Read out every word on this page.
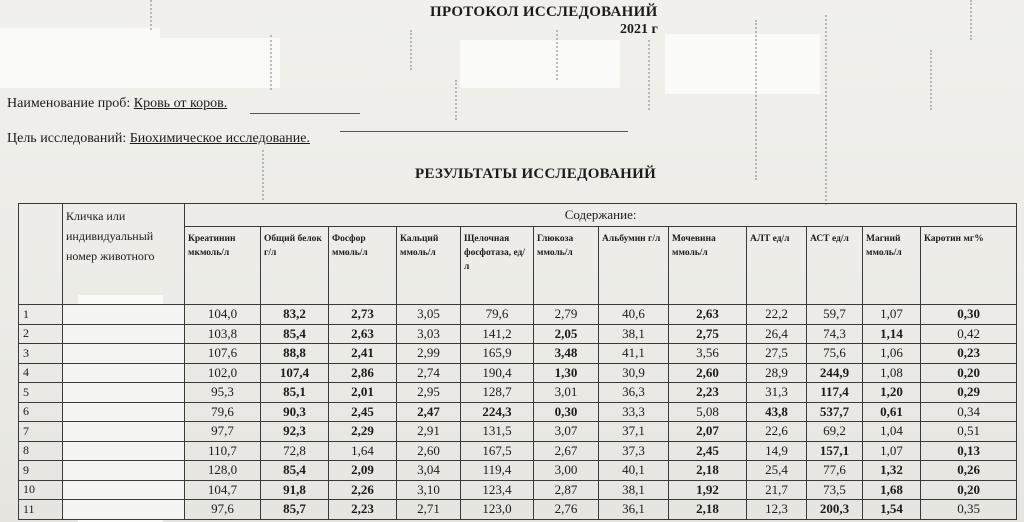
ПРОТОКОЛ ИССЛЕДОВАНИЙ
2021 г
Наименование проб: Кровь от коров.
Цель исследований: Биохимическое исследование.
РЕЗУЛЬТАТЫ ИССЛЕДОВАНИЙ
	Кличка или индивидуальный номер животного	Содержание:											
		Креатинин мкмоль/л	Общий белок г/л	Фосфор ммоль/л	Кальций ммоль/л	Щелочная фосфотаза, ед/л	Глюкоза ммоль/л	Альбумин г/л	Мочевина ммоль/л	АЛТ ед/л	АСТ ед/л	Магний ммоль/л	Каротин мг%
1		104,0	83,2	2,73	3,05	79,6	2,79	40,6	2,63	22,2	59,7	1,07	0,30
2		103,8	85,4	2,63	3,03	141,2	2,05	38,1	2,75	26,4	74,3	1,14	0,42
3		107,6	88,8	2,41	2,99	165,9	3,48	41,1	3,56	27,5	75,6	1,06	0,23
4		102,0	107,4	2,86	2,74	190,4	1,30	30,9	2,60	28,9	244,9	1,08	0,20
5		95,3	85,1	2,01	2,95	128,7	3,01	36,3	2,23	31,3	117,4	1,20	0,29
6		79,6	90,3	2,45	2,47	224,3	0,30	33,3	5,08	43,8	537,7	0,61	0,34
7		97,7	92,3	2,29	2,91	131,5	3,07	37,1	2,07	22,6	69,2	1,04	0,51
8		110,7	72,8	1,64	2,60	167,5	2,67	37,3	2,45	14,9	157,1	1,07	0,13
9		128,0	85,4	2,09	3,04	119,4	3,00	40,1	2,18	25,4	77,6	1,32	0,26
10		104,7	91,8	2,26	3,10	123,4	2,87	38,1	1,92	21,7	73,5	1,68	0,20
11		97,6	85,7	2,23	2,71	123,0	2,76	36,1	2,18	12,3	200,3	1,54	0,35
